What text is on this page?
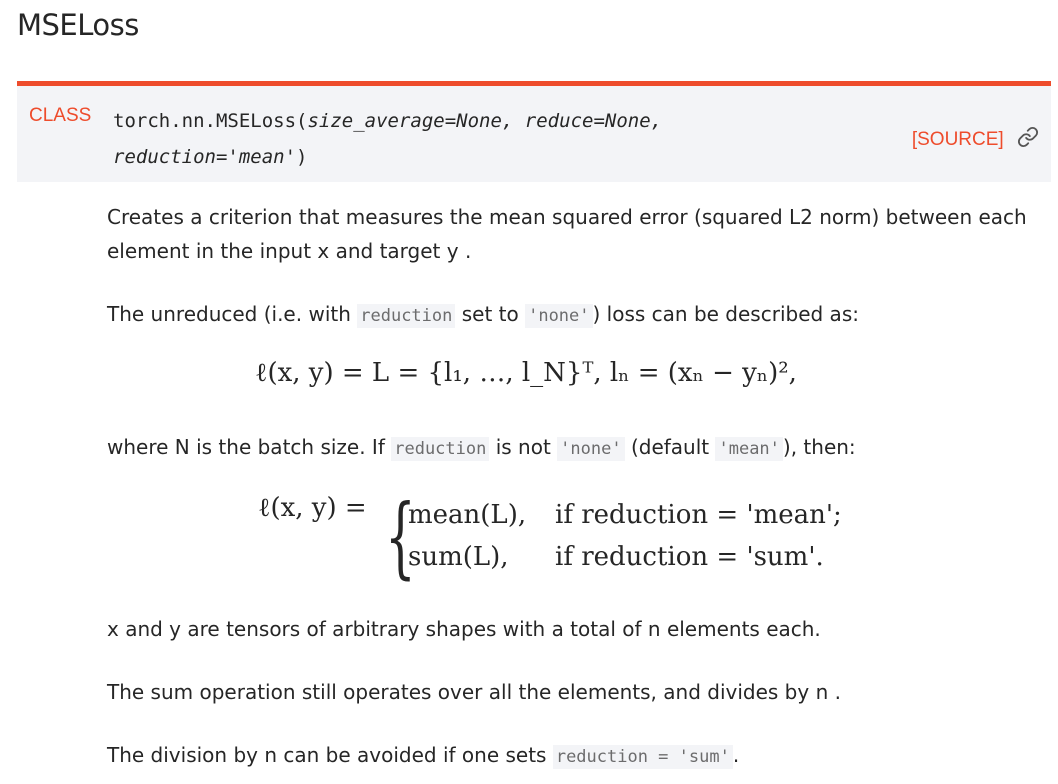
MSELoss
CLASS torch.nn.MSELoss(size_average=None, reduce=None,
reduction='mean')
[SOURCE]

Creates a criterion that measures the mean squared error (squared L2 norm) between each element in the input x and target y .

The unreduced (i.e. with reduction set to 'none' ) loss can be described as:

ℓ(x, y) = L = {l₁, …, l_N}ᵀ, lₙ = (xₙ − yₙ)²,

where N is the batch size. If reduction is not 'none' (default 'mean' ), then:

ℓ(x, y) = {
mean(L), if reduction = 'mean';
sum(L), if reduction = 'sum'.

x and y are tensors of arbitrary shapes with a total of n elements each.

The sum operation still operates over all the elements, and divides by n .

The division by n can be avoided if one sets reduction = 'sum' .
